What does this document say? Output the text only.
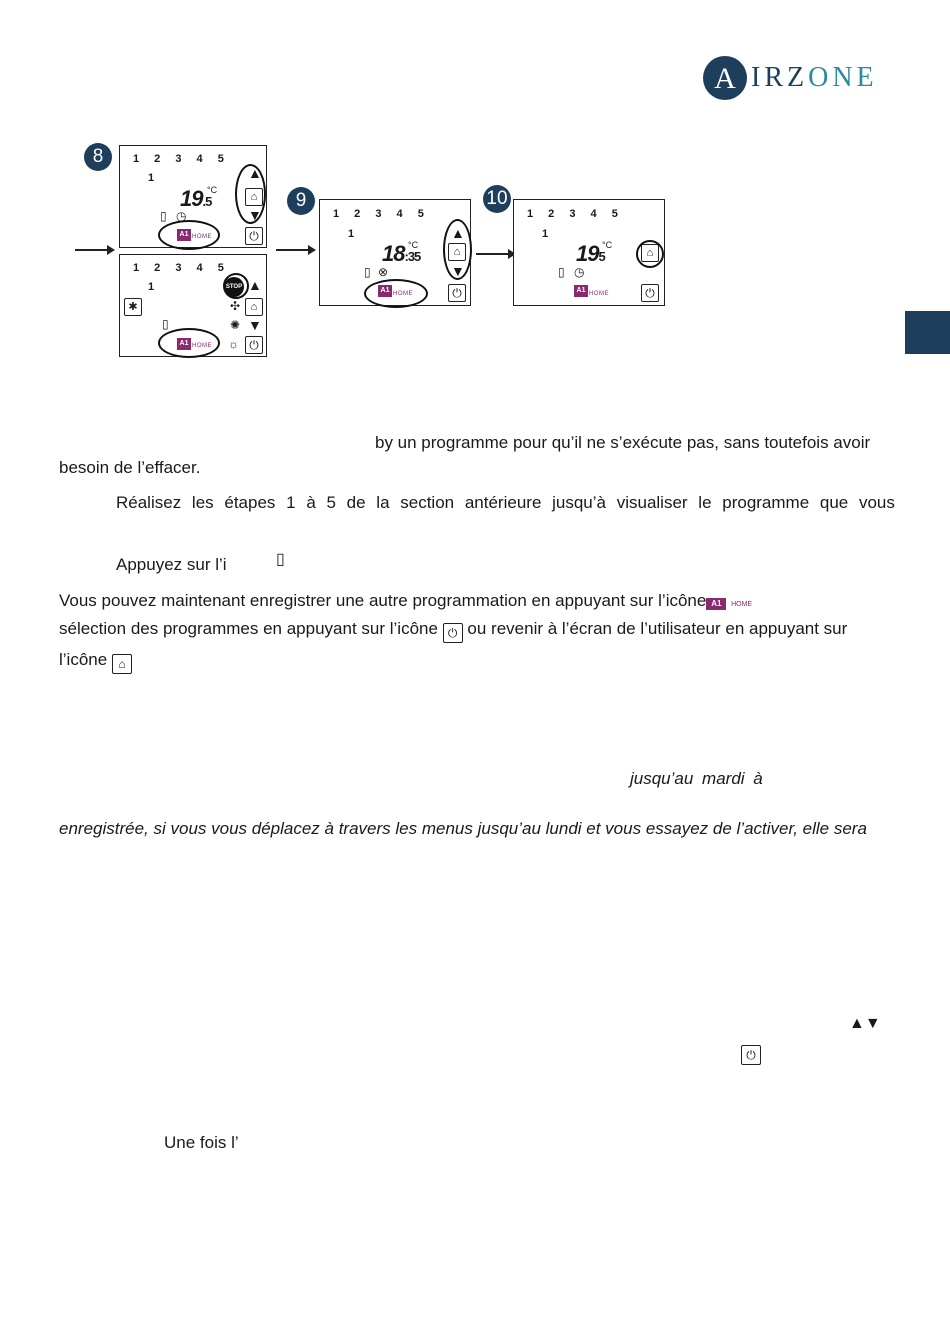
A IRZONE
8
9	10
1 2 3 4 5
1
19.5
°C
▯ ◷
A1 HOME
▲
⌂
▼
⏻
1 2 3 4 5
1
✱
▯
A1 HOME
STOP ▲
✣ ⌂
✺ ▼
☼ ⏻
1 2 3 4 5
1
18:35
°C
▯ ⊗
A1 HOME
▲
⌂
▼
⏻
1 2 3 4 5
1
195
°C
▯ ◷
A1 HOME
⌂
⏻
by un programme pour qu’il ne s’exécute pas, sans toutefois avoir
besoin de l’effacer.
Réalisez les étapes 1 à 5 de la section antérieure jusqu’à visualiser le programme que vous
Appuyez sur l’i	▯
Vous pouvez maintenant enregistrer une autre programmation en appuyant sur l’icône A1 HOME
sélection des programmes en appuyant sur l’icône ⏻ ou revenir à l’écran de l’utilisateur en appuyant sur
l’icône ⌂
jusqu’au mardi à
enregistrée, si vous vous déplacez à travers les menus jusqu’au lundi et vous essayez de l’activer, elle sera
▲▼
⏻
Une fois l’
